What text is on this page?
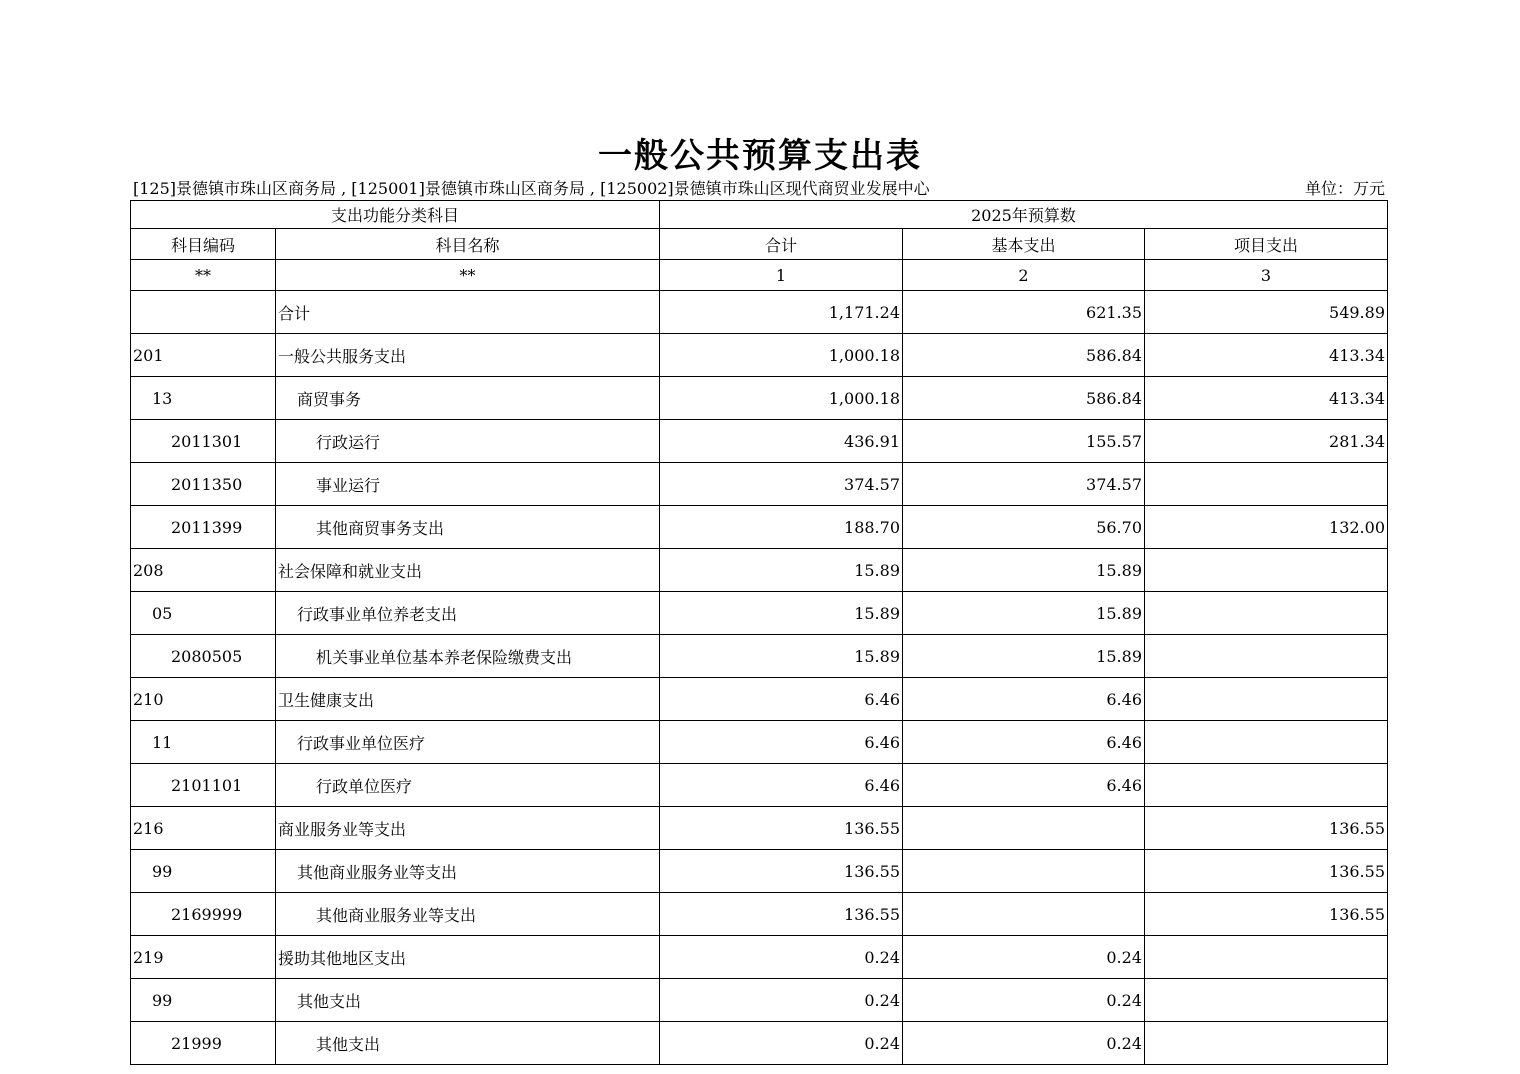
一般公共预算支出表
[125]景德镇市珠山区商务局 , [125001]景德镇市珠山区商务局 , [125002]景德镇市珠山区现代商贸业发展中心	单位：万元
支出功能分类科目		2025年预算数		
科目编码	科目名称	合计	基本支出	项目支出
**	**	1	2	3
	合计	1,171.24	621.35	549.89
201	一般公共服务支出	1,000.18	586.84	413.34
13	商贸事务	1,000.18	586.84	413.34
2011301	行政运行	436.91	155.57	281.34
2011350	事业运行	374.57	374.57	
2011399	其他商贸事务支出	188.70	56.70	132.00
208	社会保障和就业支出	15.89	15.89	
05	行政事业单位养老支出	15.89	15.89	
2080505	机关事业单位基本养老保险缴费支出	15.89	15.89	
210	卫生健康支出	6.46	6.46	
11	行政事业单位医疗	6.46	6.46	
2101101	行政单位医疗	6.46	6.46	
216	商业服务业等支出	136.55		136.55
99	其他商业服务业等支出	136.55		136.55
2169999	其他商业服务业等支出	136.55		136.55
219	援助其他地区支出	0.24	0.24	
99	其他支出	0.24	0.24	
21999	其他支出	0.24	0.24	
